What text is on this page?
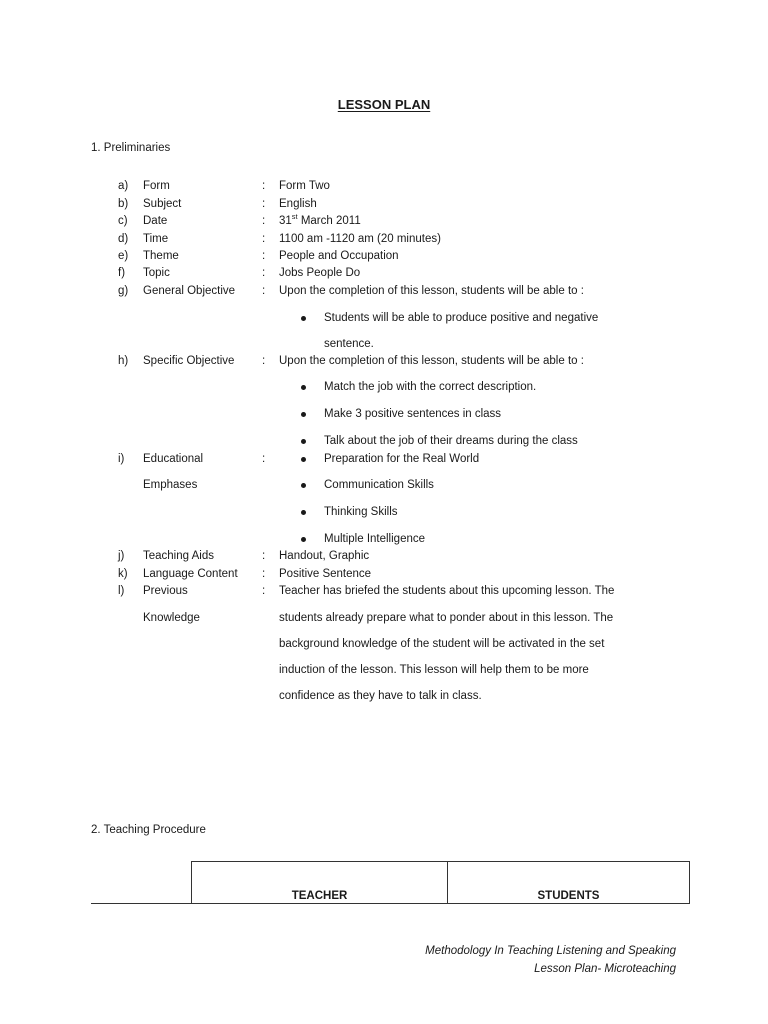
LESSON PLAN
1. Preliminaries
a) Form	: Form Two
b) Subject	: English
c) Date	: 31st March 2011
d) Time	: 1100 am -1120 am (20 minutes)
e) Theme	: People and Occupation
f) Topic	: Jobs People Do
g) General Objective : Upon the completion of this lesson, students will be able to :
Students will be able to produce positive and negative
sentence.
h) Specific Objective : Upon the completion of this lesson, students will be able to :
Match the job with the correct description.
Make 3 positive sentences in class
Talk about the job of their dreams during the class
i) Educational
Emphases
:	Preparation for the Real World
Communication Skills
Thinking Skills
Multiple Intelligence
j) Teaching Aids	: Handout, Graphic
k) Language Content : Positive Sentence
l) Previous
Knowledge
: Teacher has briefed the students about this upcoming lesson. The
students already prepare what to ponder about in this lesson. The
background knowledge of the student will be activated in the set
induction of the lesson. This lesson will help them to be more
confidence as they have to talk in class.
2. Teaching Procedure
TEACHER	STUDENTS
Methodology In Teaching Listening and Speaking
Lesson Plan- Microteaching
